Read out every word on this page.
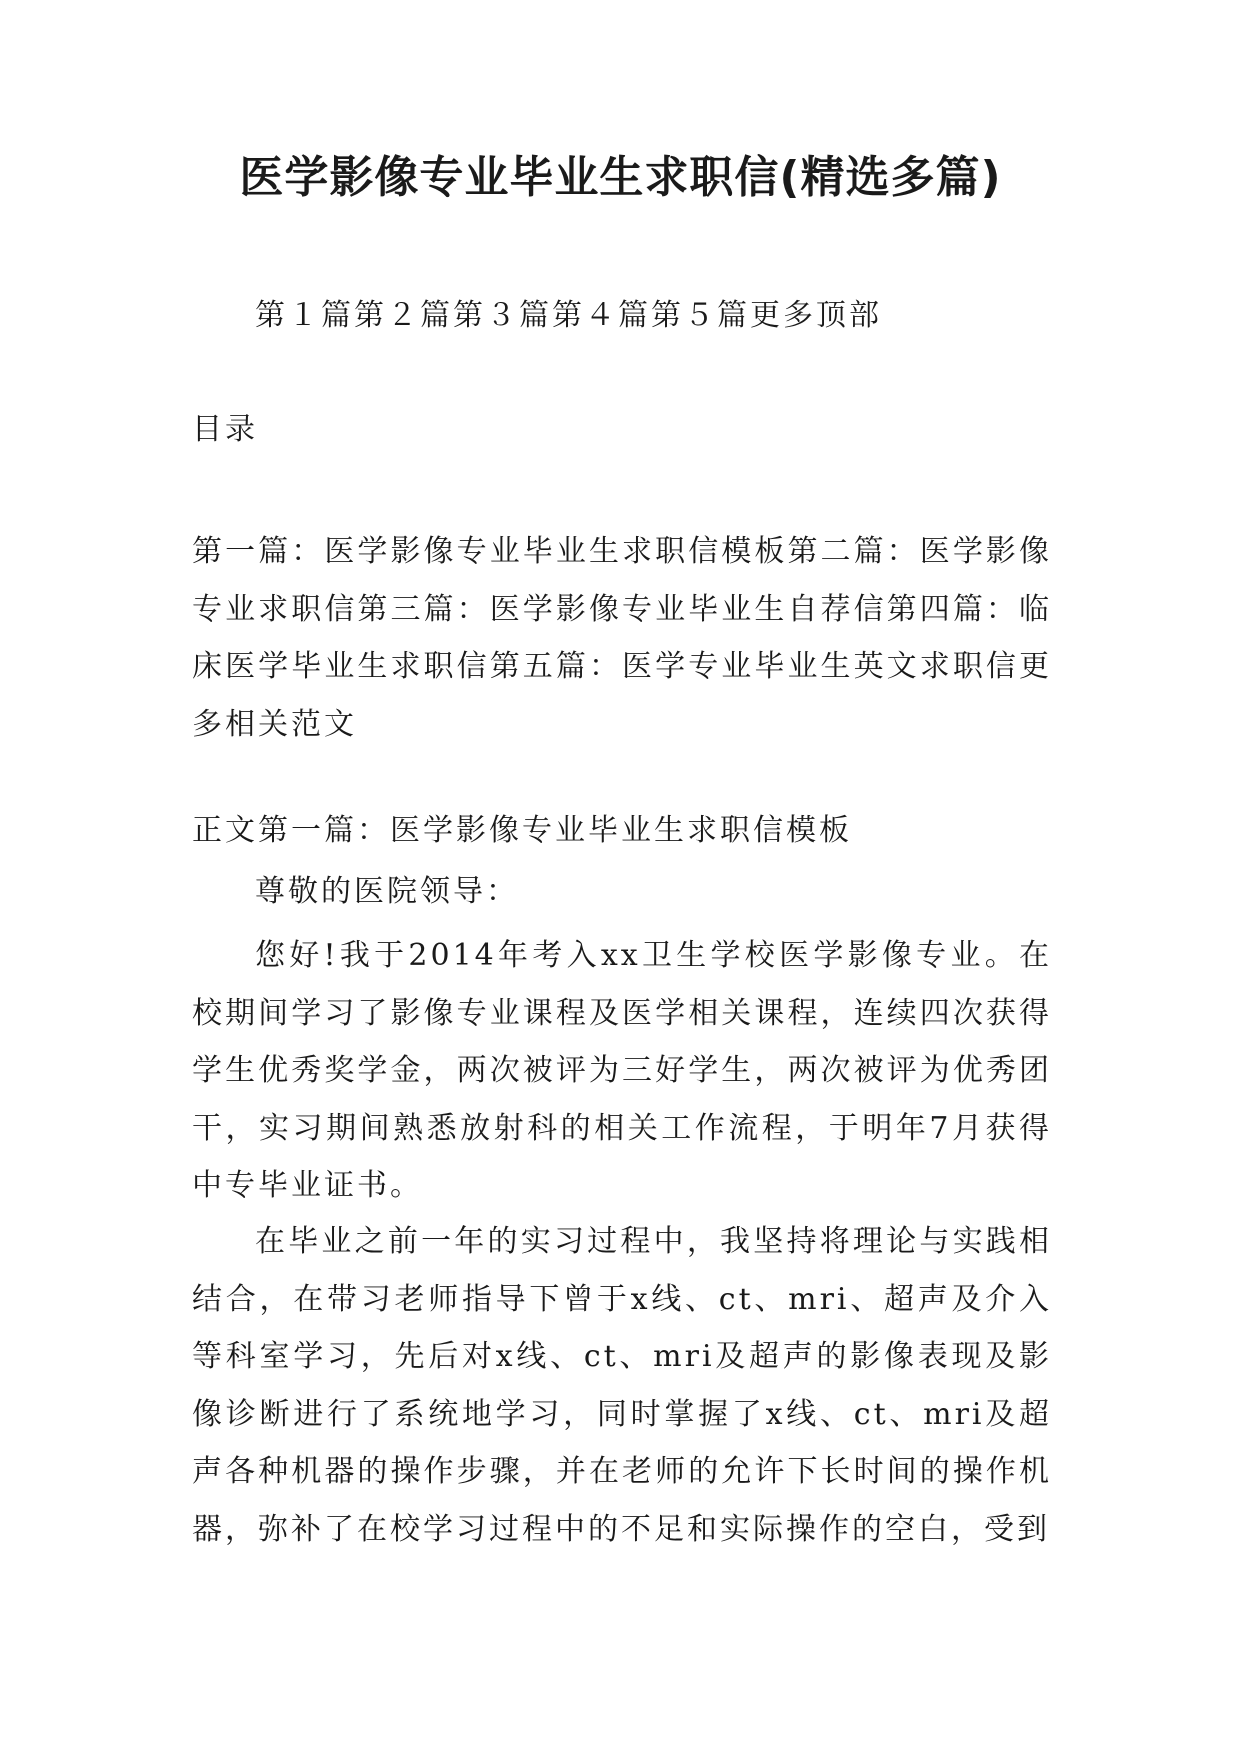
医学影像专业毕业生求职信(精选多篇)
第１篇第２篇第３篇第４篇第５篇更多顶部
目录
第一篇：医学影像专业毕业生求职信模板第二篇：医学影像专业求职信第三篇：医学影像专业毕业生自荐信第四篇：临床医学毕业生求职信第五篇：医学专业毕业生英文求职信更多相关范文
正文第一篇：医学影像专业毕业生求职信模板
尊敬的医院领导：

您好!我于2014年考入xx卫生学校医学影像专业。在校期间学习了影像专业课程及医学相关课程，连续四次获得学生优秀奖学金，两次被评为三好学生，两次被评为优秀团干，实习期间熟悉放射科的相关工作流程，于明年7月获得中专毕业证书。

在毕业之前一年的实习过程中，我坚持将理论与实践相结合，在带习老师指导下曾于x线、ct、mri、超声及介入等科室学习，先后对x线、ct、mri及超声的影像表现及影像诊断进行了系统地学习，同时掌握了x线、ct、mri及超声各种机器的操作步骤，并在老师的允许下长时间的操作机器，弥补了在校学习过程中的不足和实际操作的空白，受到
